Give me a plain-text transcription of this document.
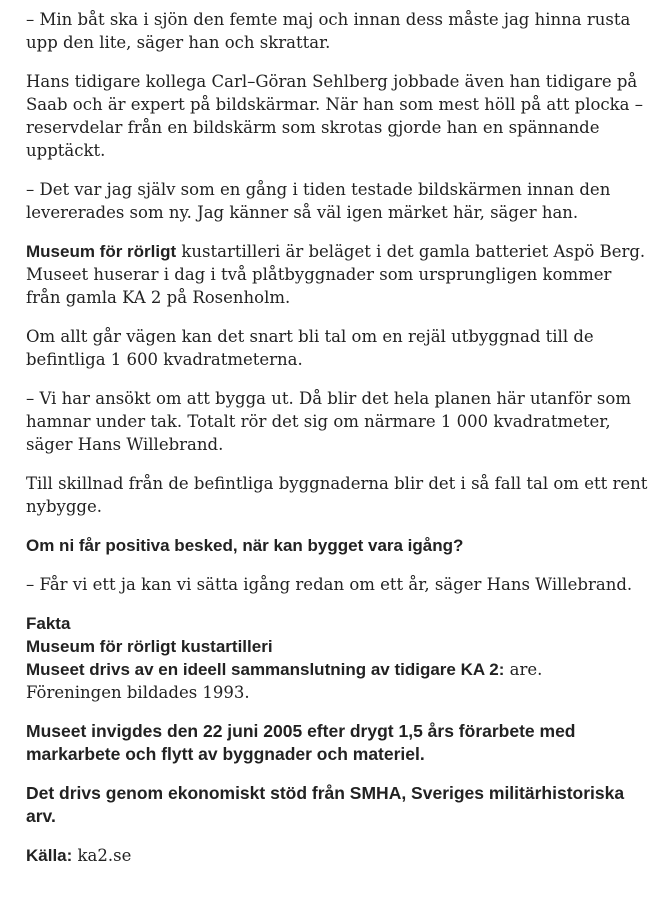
– Min båt ska i sjön den femte maj och innan dess måste jag hinna rusta upp den lite, säger han och skrattar.

Hans tidigare kollega Carl–Göran Sehlberg jobbade även han tidigare på Saab och är expert på bildskärmar. När han som mest höll på att plocka – reservdelar från en bildskärm som skrotas gjorde han en spännande upptäckt.

– Det var jag själv som en gång i tiden testade bildskärmen innan den levererades som ny. Jag känner så väl igen märket här, säger han.

Museum för rörligt kustartilleri är beläget i det gamla batteriet Aspö Berg. Museet huserar i dag i två plåtbyggnader som ursprungligen kommer från gamla KA 2 på Rosenholm.

Om allt går vägen kan det snart bli tal om en rejäl utbyggnad till de befintliga 1 600 kvadratmeterna.

– Vi har ansökt om att bygga ut. Då blir det hela planen här utanför som hamnar under tak. Totalt rör det sig om närmare 1 000 kvadratmeter, säger Hans Willebrand.

Till skillnad från de befintliga byggnaderna blir det i så fall tal om ett rent nybygge.

Om ni får positiva besked, när kan bygget vara igång?

– Får vi ett ja kan vi sätta igång redan om ett år, säger Hans Willebrand.

Fakta

Museum för rörligt kustartilleri

Museet drivs av en ideell sammanslutning av tidigare KA 2: are.

Föreningen bildades 1993.

Museet invigdes den 22 juni 2005 efter drygt 1,5 års förarbete med markarbete och flytt av byggnader och materiel.

Det drivs genom ekonomiskt stöd från SMHA, Sveriges militärhistoriska arv.

Källa: ka2.se
